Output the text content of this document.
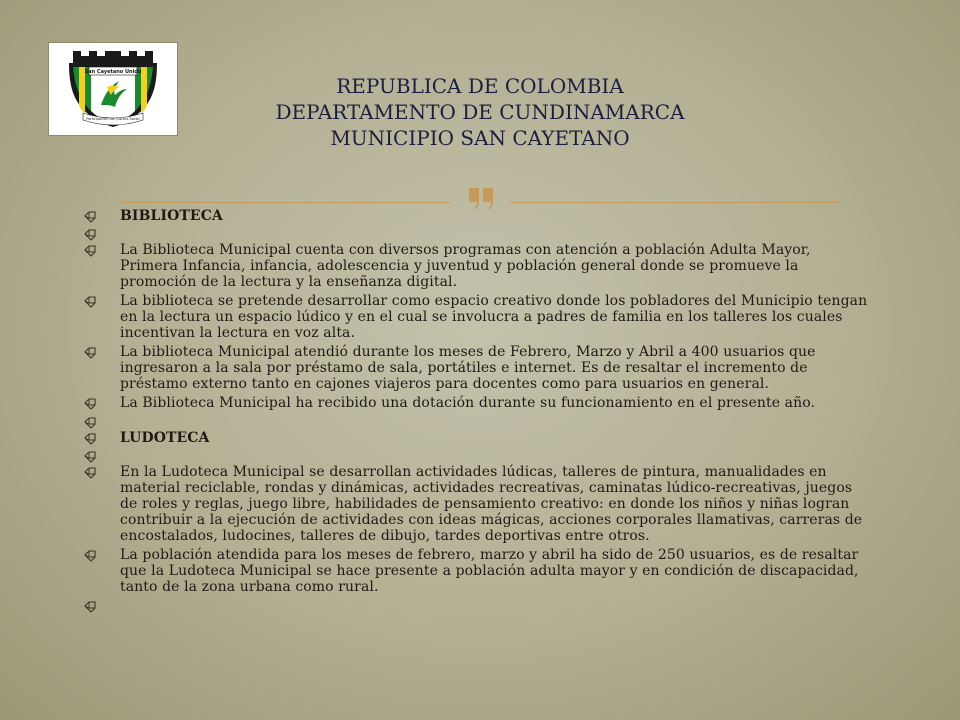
San Cayetano Unido
Participación con Justicia Social
REPUBLICA DE COLOMBIA
DEPARTAMENTO DE CUNDINAMARCA
MUNICIPIO SAN CAYETANO

BIBLIOTECA

La Biblioteca Municipal cuenta con diversos programas con atención a población Adulta Mayor, Primera Infancia, infancia, adolescencia y juventud y población general donde se promueve la promoción de la lectura y la enseñanza digital.

La biblioteca se pretende desarrollar como espacio creativo donde los pobladores del Municipio tengan en la lectura un espacio lúdico y en el cual se involucra a padres de familia en los talleres los cuales incentivan la lectura en voz alta.

La biblioteca Municipal atendió durante los meses de Febrero, Marzo y Abril a 400 usuarios que ingresaron a la sala por préstamo de sala, portátiles e internet. Es de resaltar el incremento de préstamo externo tanto en cajones viajeros para docentes como para usuarios en general.

La Biblioteca Municipal ha recibido una dotación durante su funcionamiento en el presente año.

LUDOTECA

En la Ludoteca Municipal se desarrollan actividades lúdicas, talleres de pintura, manualidades en material reciclable, rondas y dinámicas, actividades recreativas, caminatas lúdico-recreativas, juegos de roles y reglas, juego libre, habilidades de pensamiento creativo: en donde los niños y niñas logran contribuir a la ejecución de actividades con ideas mágicas, acciones corporales llamativas, carreras de encostalados, ludocines, talleres de dibujo, tardes deportivas entre otros.

La población atendida para los meses de febrero, marzo y abril ha sido de 250 usuarios, es de resaltar que la Ludoteca Municipal se hace presente a población adulta mayor y en condición de discapacidad, tanto de la zona urbana como rural.
